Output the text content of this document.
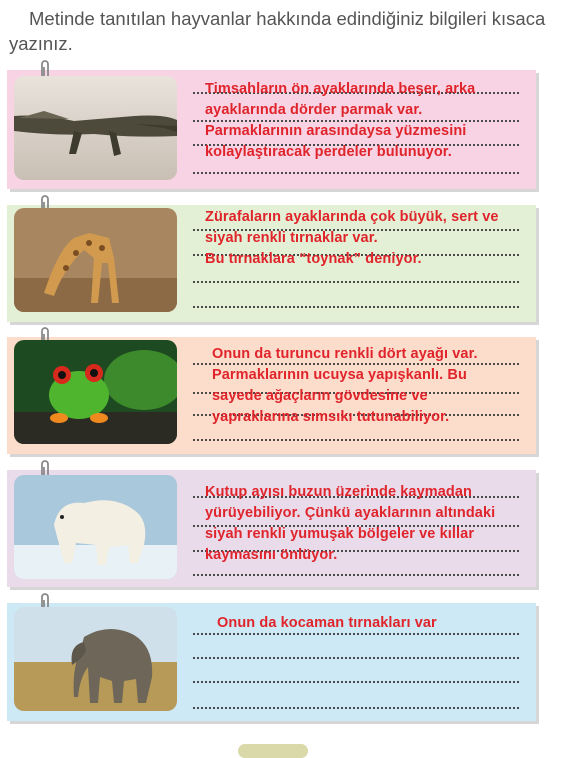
Metinde tanıtılan hayvanlar hakkında edindiğiniz bilgileri kısaca yazınız.

Timsahların ön ayaklarında beşer, arka
ayaklarında dörder parmak var.
Parmaklarının arasındaysa yüzmesini
kolaylaştıracak perdeler bulunuyor.

Zürafaların ayaklarında çok büyük, sert ve
siyah renkli tırnaklar var.
Bu tırnaklara “toynak” deniyor.

Onun da turuncu renkli dört ayağı var.
Parmaklarının ucuysa yapışkanlı. Bu
sayede ağaçların gövdesine ve
yapraklarına sımsıkı tutunabiliyor.

Kutup ayısı buzun üzerinde kaymadan
yürüyebiliyor. Çünkü ayaklarının altındaki
siyah renkli yumuşak bölgeler ve kıllar
kaymasını önlüyor.

Onun da kocaman tırnakları var
